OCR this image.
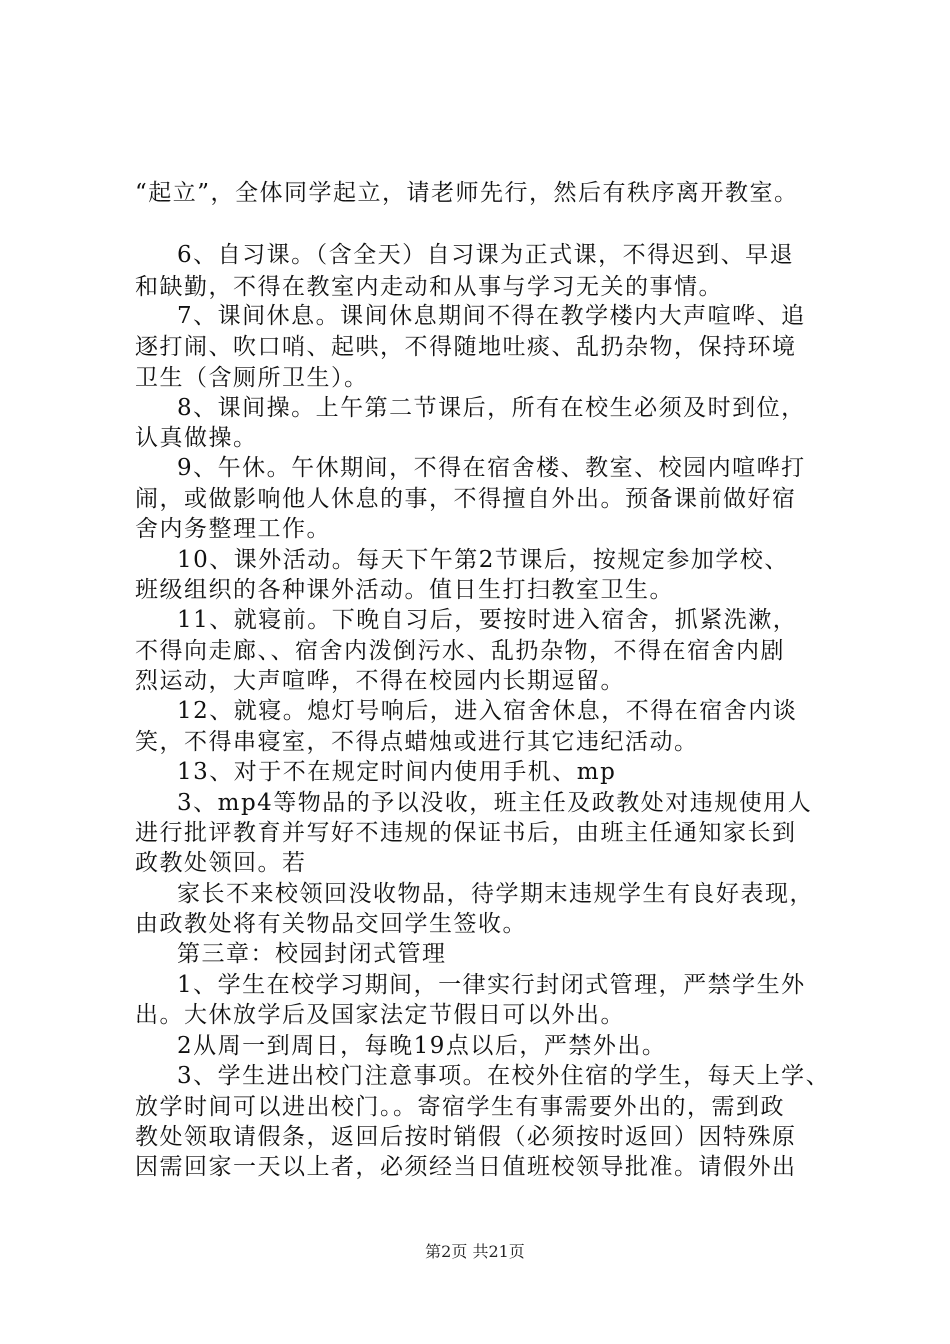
“起立”，全体同学起立，请老师先行，然后有秩序离开教室。
6、自习课。（含全天）自习课为正式课，不得迟到、早退
和缺勤，不得在教室内走动和从事与学习无关的事情。
7、课间休息。课间休息期间不得在教学楼内大声喧哗、追
逐打闹、吹口哨、起哄，不得随地吐痰、乱扔杂物，保持环境
卫生（含厕所卫生）。
8、课间操。上午第二节课后，所有在校生必须及时到位，
认真做操。
9、午休。午休期间，不得在宿舍楼、教室、校园内喧哗打
闹，或做影响他人休息的事，不得擅自外出。预备课前做好宿
舍内务整理工作。
10、课外活动。每天下午第2节课后，按规定参加学校、
班级组织的各种课外活动。值日生打扫教室卫生。
11、就寝前。下晚自习后，要按时进入宿舍，抓紧洗漱，
不得向走廊、、宿舍内泼倒污水、乱扔杂物，不得在宿舍内剧
烈运动，大声喧哗，不得在校园内长期逗留。
12、就寝。熄灯号响后，进入宿舍休息，不得在宿舍内谈
笑，不得串寝室，不得点蜡烛或进行其它违纪活动。
13、对于不在规定时间内使用手机、mp
3、mp4等物品的予以没收，班主任及政教处对违规使用人
进行批评教育并写好不违规的保证书后，由班主任通知家长到
政教处领回。若
家长不来校领回没收物品，待学期末违规学生有良好表现，
由政教处将有关物品交回学生签收。
第三章：校园封闭式管理
1、学生在校学习期间，一律实行封闭式管理，严禁学生外
出。大休放学后及国家法定节假日可以外出。
2从周一到周日，每晚19点以后，严禁外出。
3、学生进出校门注意事项。在校外住宿的学生，每天上学、
放学时间可以进出校门。。寄宿学生有事需要外出的，需到政
教处领取请假条，返回后按时销假（必须按时返回）因特殊原
因需回家一天以上者，必须经当日值班校领导批准。请假外出
第2页 共21页
